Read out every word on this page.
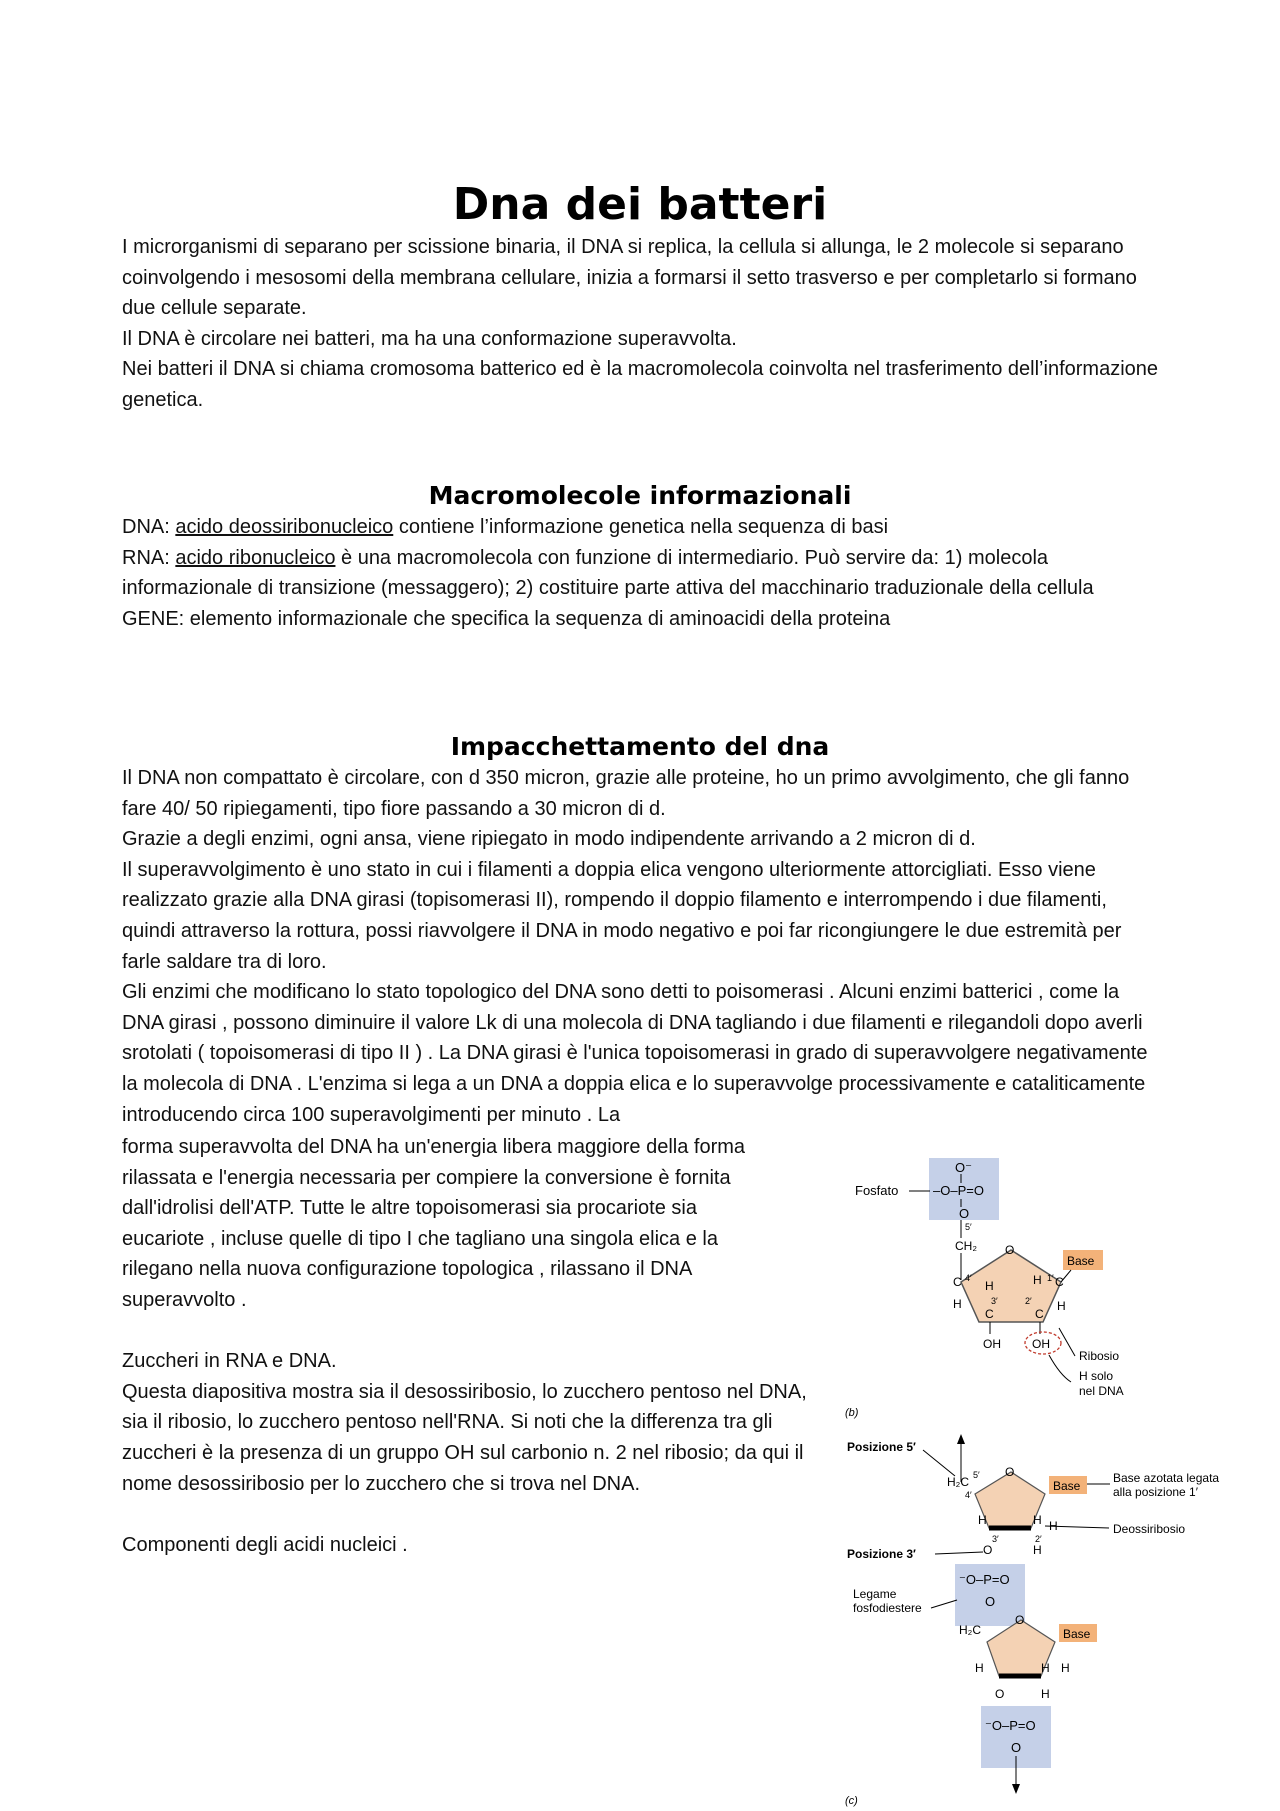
Dna dei batteri

I microrganismi di separano per scissione binaria, il DNA si replica, la cellula si allunga, le 2 molecole si separano coinvolgendo i mesosomi della membrana cellulare, inizia a formarsi il setto trasverso e per completarlo si formano due cellule separate.

Il DNA è circolare nei batteri, ma ha una conformazione superavvolta.

Nei batteri il DNA si chiama cromosoma batterico ed è la macromolecola coinvolta nel trasferimento dell’informazione genetica.

Macromolecole informazionali

DNA: acido deossiribonucleico contiene l’informazione genetica nella sequenza di basi

RNA: acido ribonucleico è una macromolecola con funzione di intermediario. Può servire da: 1) molecola informazionale di transizione (messaggero); 2) costituire parte attiva del macchinario traduzionale della cellula

GENE: elemento informazionale che specifica la sequenza di aminoacidi della proteina

Impacchettamento del dna

Il DNA non compattato è circolare, con d 350 micron, grazie alle proteine, ho un primo avvolgimento, che gli fanno fare 40/ 50 ripiegamenti, tipo fiore passando a 30 micron di d.

Grazie a degli enzimi, ogni ansa, viene ripiegato in modo indipendente arrivando a 2 micron di d.

Il superavvolgimento è uno stato in cui i filamenti a doppia elica vengono ulteriormente attorcigliati. Esso viene realizzato grazie alla DNA girasi (topisomerasi II), rompendo il doppio filamento e interrompendo i due filamenti, quindi attraverso la rottura, possi riavvolgere il DNA in modo negativo e poi far ricongiungere le due estremità per farle saldare tra di loro.

Gli enzimi che modificano lo stato topologico del DNA sono detti to poisomerasi . Alcuni enzimi batterici , come la DNA girasi , possono diminuire il valore Lk di una molecola di DNA tagliando i due filamenti e rilegandoli dopo averli srotolati ( topoisomerasi di tipo II ) . La DNA girasi è l'unica topoisomerasi in grado di superavvolgere negativamente la molecola di DNA . L'enzima si lega a un DNA a doppia elica e lo superavvolge processivamente e cataliticamente introducendo circa 100 superavolgimenti per minuto . La

forma superavvolta del DNA ha un'energia libera maggiore della forma

rilassata e l'energia necessaria per compiere la conversione è fornita

dall'idrolisi dell'ATP. Tutte le altre topoisomerasi sia procariote sia

eucariote , incluse quelle di tipo I che tagliano una singola elica e la

rilegano nella nuova configurazione topologica , rilassano il DNA

superavvolto .

Zuccheri in RNA e DNA.

Questa diapositiva mostra sia il desossiribosio, lo zucchero pentoso nel DNA, sia il ribosio, lo zucchero pentoso nell'RNA. Si noti che la differenza tra gli zuccheri è la presenza di un gruppo OH sul carbonio n. 2 nel ribosio; da qui il nome desossiribosio per lo zucchero che si trova nel DNA.

Componenti degli acidi nucleici .

O⁻
–O–P=O
O
Fosfato
5′
CH₂ O
Base
C 4′
H
H
3′
C
H 1′ C
2′
C
H
OH	OH
Ribosio
H solo
nel DNA
(b)
Posizione 5′
H₂C 5′ O
4′
Base
Base azotata legata
alla posizione 1′
H	H H
3′	2′
H
Deossiribosio
Posizione 3′	O
⁻O–P=O
O
Legame
fosfodiestere
H₂C
O
Base
H	H H
H
O
⁻O–P=O
O
(c)
